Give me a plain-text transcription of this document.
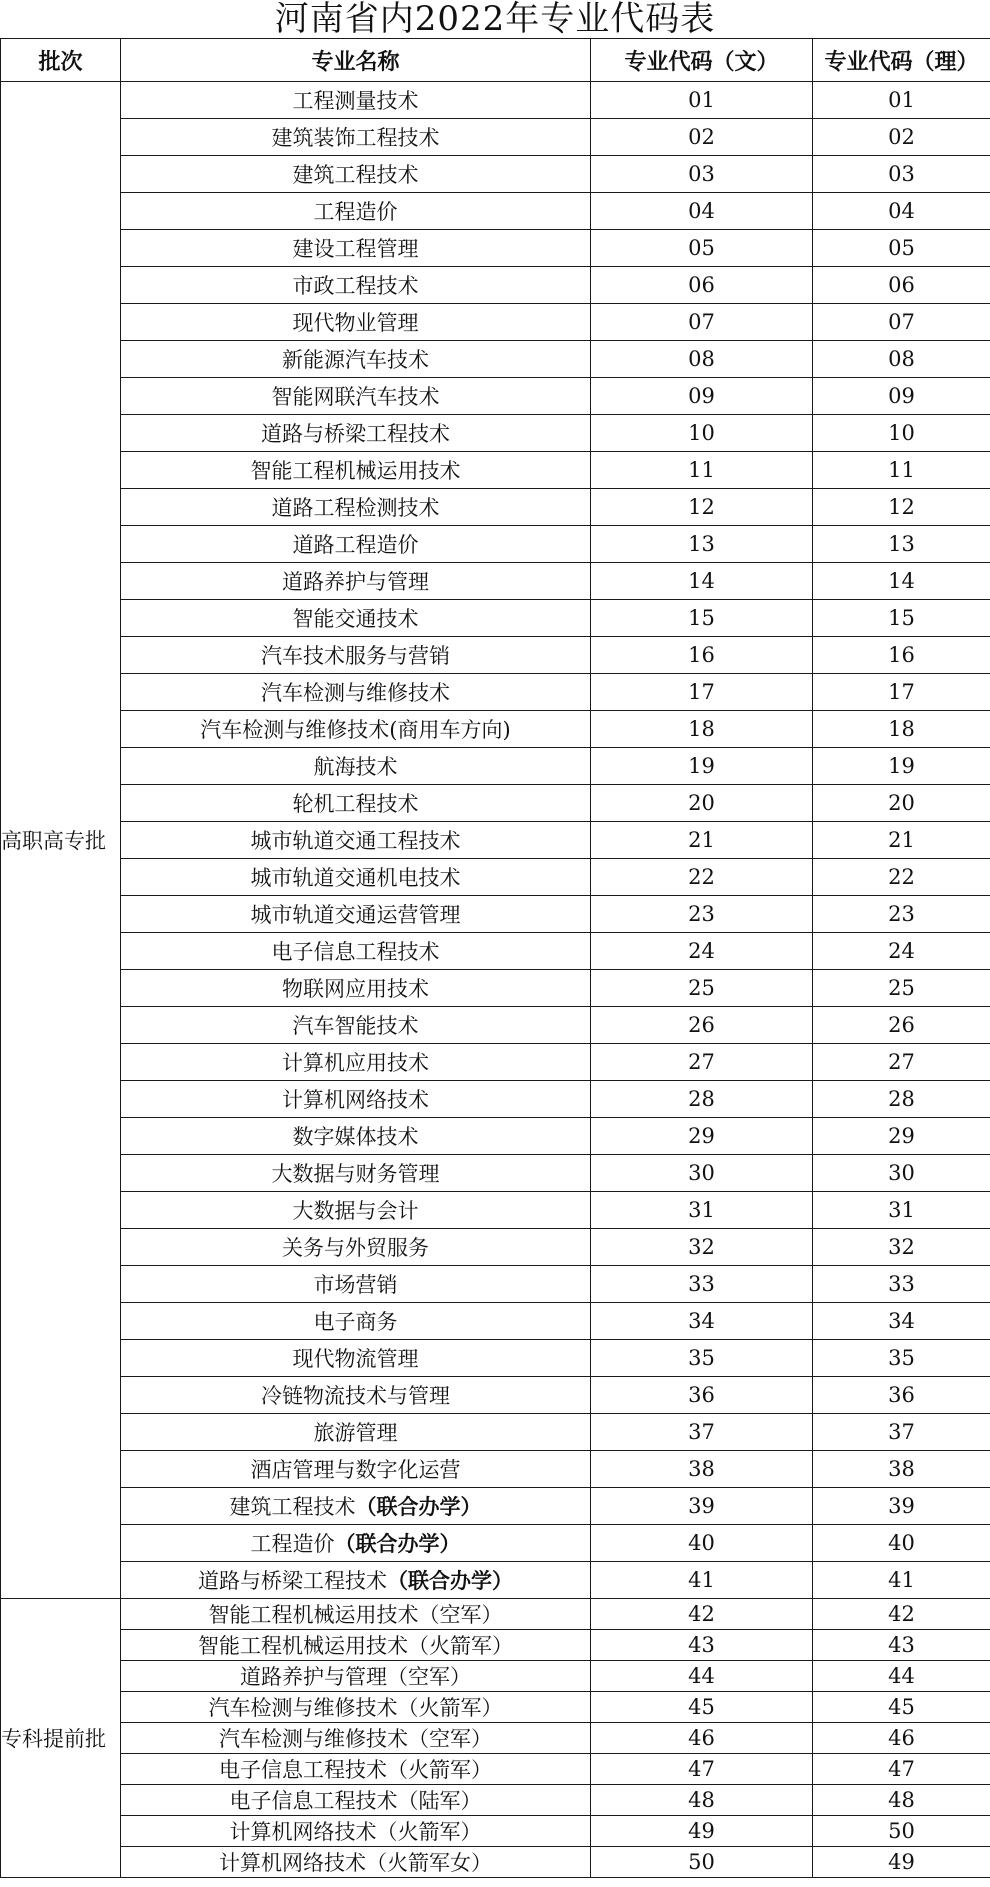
河南省内2022年专业代码表
批次	专业名称	专业代码（文）	专业代码（理）
高职高专批	工程测量技术	01	01
	建筑装饰工程技术	02	02
	建筑工程技术	03	03
	工程造价	04	04
	建设工程管理	05	05
	市政工程技术	06	06
	现代物业管理	07	07
	新能源汽车技术	08	08
	智能网联汽车技术	09	09
	道路与桥梁工程技术	10	10
	智能工程机械运用技术	11	11
	道路工程检测技术	12	12
	道路工程造价	13	13
	道路养护与管理	14	14
	智能交通技术	15	15
	汽车技术服务与营销	16	16
	汽车检测与维修技术	17	17
	汽车检测与维修技术(商用车方向)	18	18
	航海技术	19	19
	轮机工程技术	20	20
	城市轨道交通工程技术	21	21
	城市轨道交通机电技术	22	22
	城市轨道交通运营管理	23	23
	电子信息工程技术	24	24
	物联网应用技术	25	25
	汽车智能技术	26	26
	计算机应用技术	27	27
	计算机网络技术	28	28
	数字媒体技术	29	29
	大数据与财务管理	30	30
	大数据与会计	31	31
	关务与外贸服务	32	32
	市场营销	33	33
	电子商务	34	34
	现代物流管理	35	35
	冷链物流技术与管理	36	36
	旅游管理	37	37
	酒店管理与数字化运营	38	38
	建筑工程技术（联合办学）	39	39
	工程造价（联合办学）	40	40
	道路与桥梁工程技术（联合办学）	41	41
专科提前批	智能工程机械运用技术（空军）	42	42
	智能工程机械运用技术（火箭军）	43	43
	道路养护与管理（空军）	44	44
	汽车检测与维修技术（火箭军）	45	45
	汽车检测与维修技术（空军）	46	46
	电子信息工程技术（火箭军）	47	47
	电子信息工程技术（陆军）	48	48
	计算机网络技术（火箭军）	49	50
	计算机网络技术（火箭军女）	50	49
